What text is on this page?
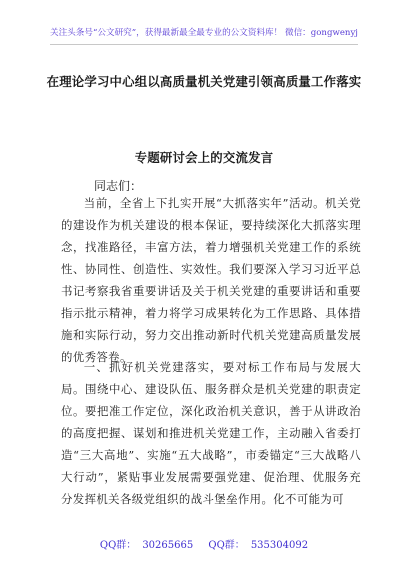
关注头条号“公文研究”，获得最新最全最专业的公文资料库！ 微信：gongwenyj
在理论学习中心组以高质量机关党建引领高质量工作落实
专题研讨会上的交流发言
同志们：

当前，全省上下扎实开展“大抓落实年”活动。机关党的建设作为机关建设的根本保证，要持续深化大抓落实理念，找准路径，丰富方法，着力增强机关党建工作的系统性、协同性、创造性、实效性。我们要深入学习习近平总书记考察我省重要讲话及关于机关党建的重要讲话和重要指示批示精神，着力将学习成果转化为工作思路、具体措施和实际行动，努力交出推动新时代机关党建高质量发展的优秀答卷。

一、抓好机关党建落实，要对标工作布局与发展大局。围绕中心、建设队伍、服务群众是机关党建的职责定位。要把准工作定位，深化政治机关意识，善于从讲政治的高度把握、谋划和推进机关党建工作，主动融入省委打造“三大高地”、实施“五大战略”，市委锚定“三大战略八大行动”，紧贴事业发展需要强党建、促治理、优服务充分发挥机关各级党组织的战斗堡垒作用。化不可能为可

QQ群： 30265665 QQ群： 535304092
